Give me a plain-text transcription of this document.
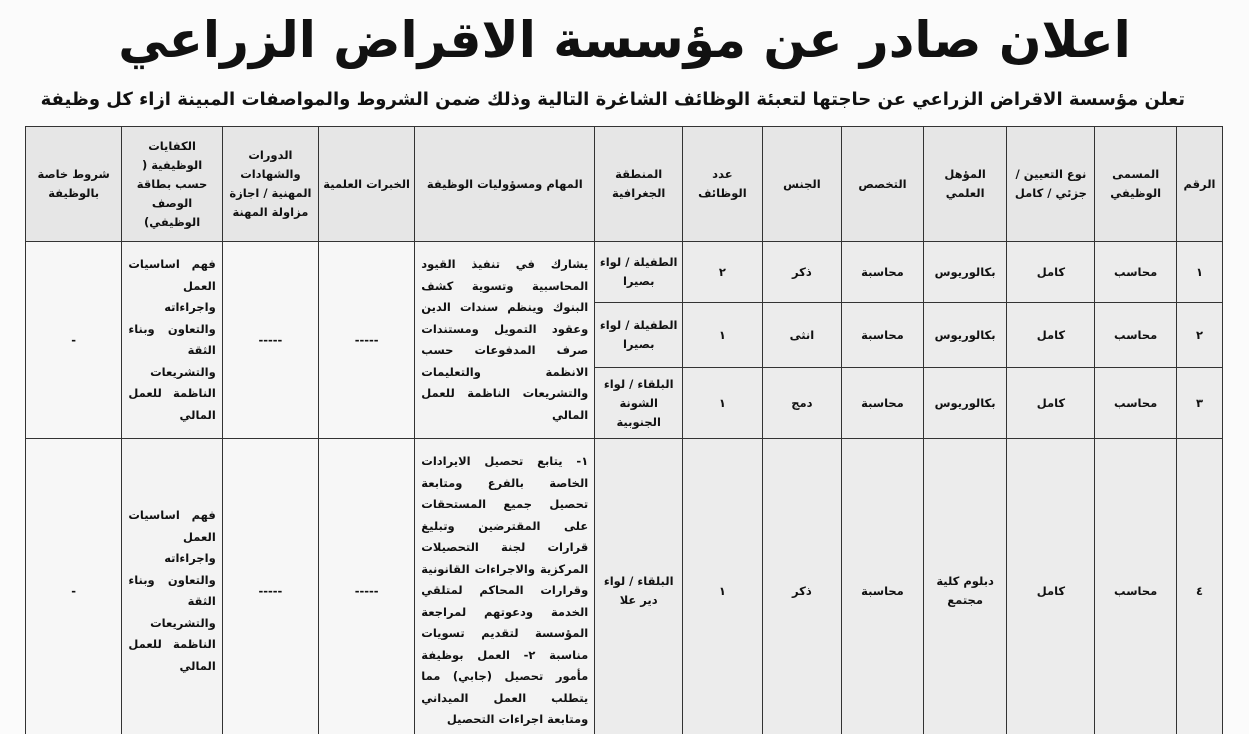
اعلان صادر عن مؤسسة الاقراض الزراعي
تعلن مؤسسة الاقراض الزراعي عن حاجتها لتعبئة الوظائف الشاغرة التالية وذلك ضمن الشروط والمواصفات المبينة ازاء كل وظيفة
الرقم	المسمى الوظيفي	نوع التعيين / جزئي / كامل	المؤهل العلمي	التخصص	الجنس	عدد الوظائف	المنطقة الجغرافية	المهام ومسؤوليات الوظيفة	الخبرات العلمية	الدورات والشهادات المهنية / اجازة مزاولة المهنة	الكفايات الوظيفية ( حسب بطاقة الوصف الوظيفي)	شروط خاصة بالوظيفة
١	محاسب	كامل	بكالوريوس	محاسبة	ذكر	٢	الطفيلة / لواء بصيرا	يشارك في تنفيذ القيود المحاسبية وتسوية كشف البنوك وينظم سندات الدين وعقود التمويل ومستندات صرف المدفوعات حسب الانظمة والتعليمات والتشريعات الناظمة للعمل المالي	-----	-----	فهم اساسيات العمل واجراءاته والتعاون وبناء الثقة والتشريعات الناظمة للعمل المالي	-
٢	محاسب	كامل	بكالوريوس	محاسبة	انثى	١	الطفيلة / لواء بصيرا					
٣	محاسب	كامل	بكالوريوس	محاسبة	دمج	١	البلقاء / لواء الشونة الجنوبية					
٤	محاسب	كامل	دبلوم كلية مجتمع	محاسبة	ذكر	١	البلقاء / لواء دير علا	١- يتابع تحصيل الايرادات الخاصة بالفرع ومتابعة تحصيل جميع المستحقات على المقترضين وتبليغ قرارات لجنة التحصيلات المركزية والاجراءات القانونية وقرارات المحاكم لمتلقي الخدمة ودعوتهم لمراجعة المؤسسة لتقديم تسويات مناسبة ٢- العمل بوظيفة مأمور تحصيل (جابي) مما يتطلب العمل الميداني ومتابعة اجراءات التحصيل	-----	-----	فهم اساسيات العمل واجراءاته والتعاون وبناء الثقة والتشريعات الناظمة للعمل المالي	-
